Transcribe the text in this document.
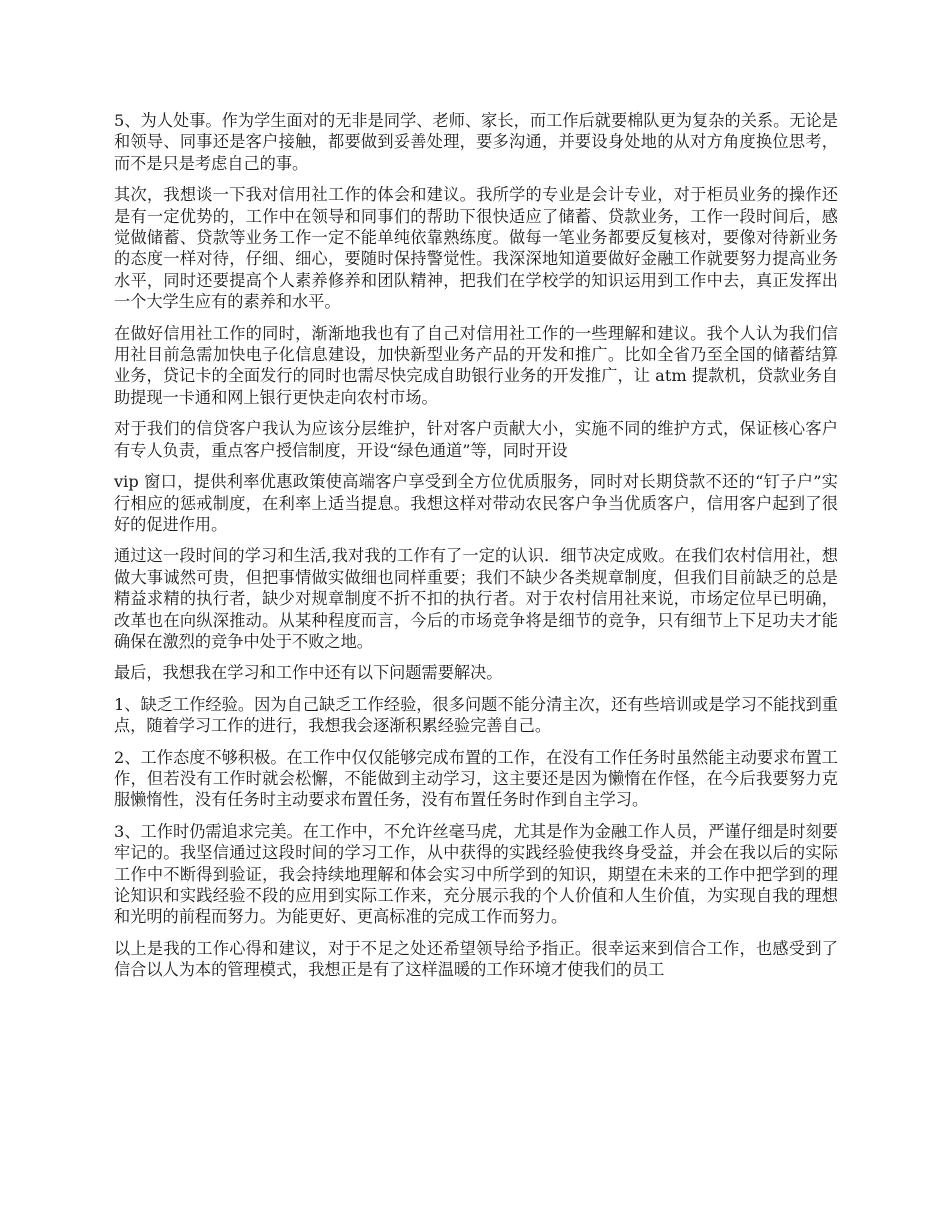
5、为人处事。作为学生面对的无非是同学、老师、家长，而工作后就要棉队更为复杂的关系。无论是和领导、同事还是客户接触，都要做到妥善处理，要多沟通，并要设身处地的从对方角度换位思考，而不是只是考虑自己的事。

其次，我想谈一下我对信用社工作的体会和建议。我所学的专业是会计专业，对于柜员业务的操作还是有一定优势的，工作中在领导和同事们的帮助下很快适应了储蓄、贷款业务，工作一段时间后，感觉做储蓄、贷款等业务工作一定不能单纯依靠熟练度。做每一笔业务都要反复核对，要像对待新业务的态度一样对待，仔细、细心，要随时保持警觉性。我深深地知道要做好金融工作就要努力提高业务水平，同时还要提高个人素养修养和团队精神，把我们在学校学的知识运用到工作中去，真正发挥出一个大学生应有的素养和水平。

在做好信用社工作的同时，渐渐地我也有了自己对信用社工作的一些理解和建议。我个人认为我们信用社目前急需加快电子化信息建设，加快新型业务产品的开发和推广。比如全省乃至全国的储蓄结算业务，贷记卡的全面发行的同时也需尽快完成自助银行业务的开发推广，让 atm 提款机，贷款业务自助提现一卡通和网上银行更快走向农村市场。

对于我们的信贷客户我认为应该分层维护，针对客户贡献大小，实施不同的维护方式，保证核心客户有专人负责，重点客户授信制度，开设“绿色通道”等，同时开设

vip 窗口，提供利率优惠政策使高端客户享受到全方位优质服务，同时对长期贷款不还的“钉子户”实行相应的惩戒制度，在利率上适当提息。我想这样对带动农民客户争当优质客户，信用客户起到了很好的促进作用。

通过这一段时间的学习和生活,我对我的工作有了一定的认识．细节决定成败。在我们农村信用社，想做大事诚然可贵，但把事情做实做细也同样重要；我们不缺少各类规章制度，但我们目前缺乏的总是精益求精的执行者，缺少对规章制度不折不扣的执行者。对于农村信用社来说，市场定位早已明确，改革也在向纵深推动。从某种程度而言，今后的市场竞争将是细节的竞争，只有细节上下足功夫才能确保在激烈的竞争中处于不败之地。

最后，我想我在学习和工作中还有以下问题需要解决。

1、缺乏工作经验。因为自己缺乏工作经验，很多问题不能分清主次，还有些培训或是学习不能找到重点，随着学习工作的进行，我想我会逐渐积累经验完善自己。

2、工作态度不够积极。在工作中仅仅能够完成布置的工作，在没有工作任务时虽然能主动要求布置工作，但若没有工作时就会松懈，不能做到主动学习，这主要还是因为懒惰在作怪，在今后我要努力克服懒惰性，没有任务时主动要求布置任务，没有布置任务时作到自主学习。

3、工作时仍需追求完美。在工作中，不允许丝毫马虎，尤其是作为金融工作人员，严谨仔细是时刻要牢记的。我坚信通过这段时间的学习工作，从中获得的实践经验使我终身受益，并会在我以后的实际工作中不断得到验证，我会持续地理解和体会实习中所学到的知识，期望在未来的工作中把学到的理论知识和实践经验不段的应用到实际工作来，充分展示我的个人价值和人生价值，为实现自我的理想和光明的前程而努力。为能更好、更高标准的完成工作而努力。

以上是我的工作心得和建议，对于不足之处还希望领导给予指正。很幸运来到信合工作，也感受到了信合以人为本的管理模式，我想正是有了这样温暖的工作环境才使我们的员工
